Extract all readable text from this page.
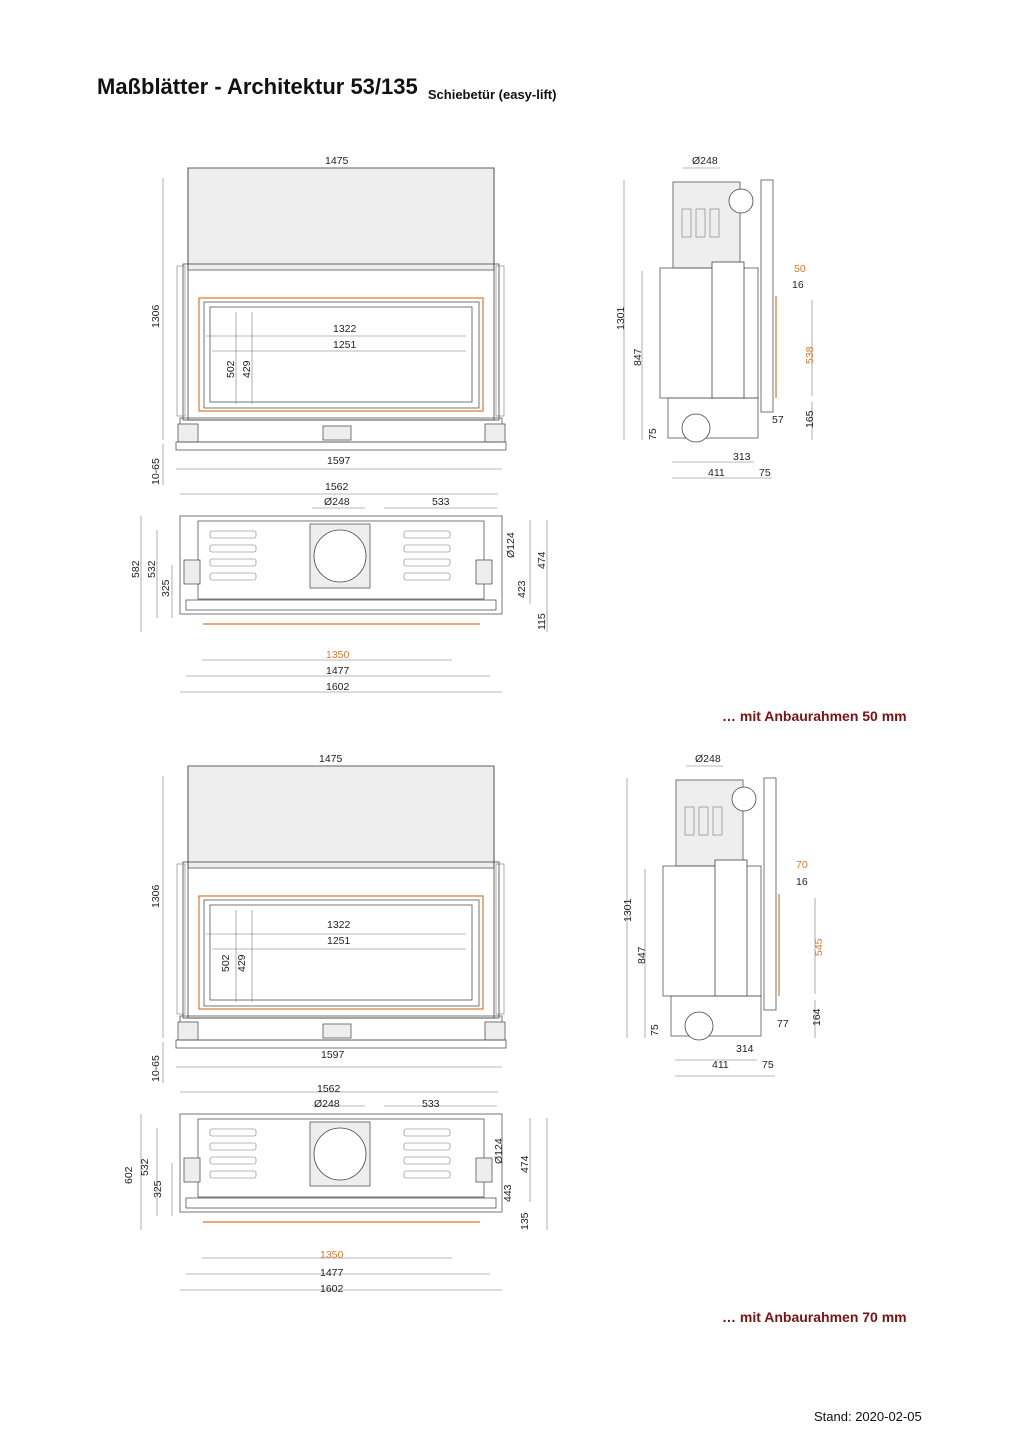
Maßblätter - Architektur 53/135 $_{Schiebetür (easy-lift)}$
1475
1322
1251
1597
1306
502 429
10-65
1562
Ø248	533
1350
1477
1602
582 532
325
Ø124
474
423
115
Ø248
50
16
1301
847	538
57 165
75
313
411	75
1475
1322
1251
1597
1306
502 429
10-65
1562
Ø248	533
1350
1477
1602
602 532
325
Ø124
474
443
135
Ø248
70
16
1301
847	545
77 164
75
314
411	75
… mit Anbaurahmen 50 mm
… mit Anbaurahmen 70 mm
Stand: 2020-02-05
